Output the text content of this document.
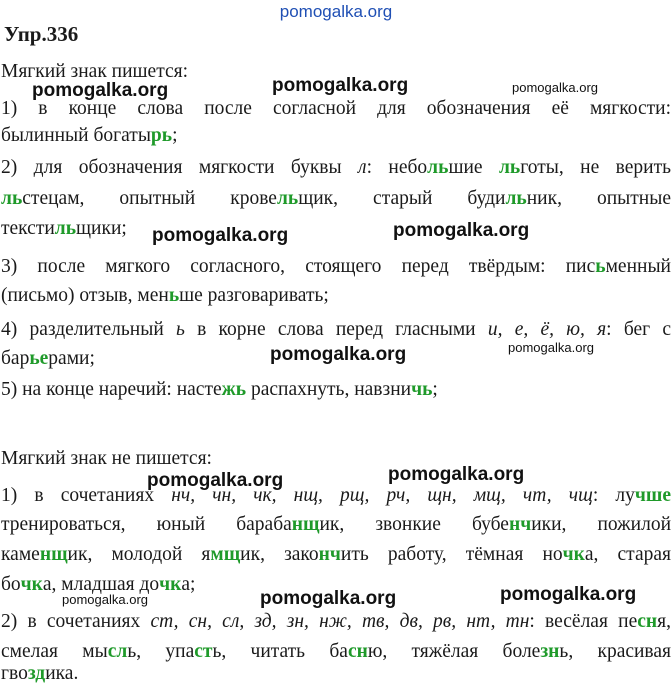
pomogalka.org
Упр.336
Мягкий знак пишется:
1) в конце слова после согласной для обозначения её мягкости:
былинный богатырь;
2) для обозначения мягкости буквы л: небольшие льготы, не верить
льстецам, опытный кровельщик, старый будильник, опытные
текстильщики;
3) после мягкого согласного, стоящего перед твёрдым: письменный
(письмо) отзыв, меньше разговаривать;
4) разделительный ь в корне слова перед гласными и, е, ё, ю, я: бег с
барьерами;
5) на конце наречий: настежь распахнуть, навзничь;
Мягкий знак не пишется:
1) в сочетаниях нч, чн, чк, нщ, рщ, рч, щн, мщ, чт, чщ: лучше
тренироваться, юный барабанщик, звонкие бубенчики, пожилой
каменщик, молодой ямщик, закончить работу, тёмная ночка, старая
бочка, младшая дочка;
2) в сочетаниях ст, сн, сл, зд, зн, нж, тв, дв, рв, нт, тн: весёлая песня,
смелая мысль, упасть, читать басню, тяжёлая болезнь, красивая
гвоздика.
pomogalka.org	pomogalka.org	pomogalka.org
pomogalka.org	pomogalka.org
pomogalka.org	pomogalka.org
pomogalka.org	pomogalka.org
pomogalka.org	pomogalka.org	pomogalka.org
